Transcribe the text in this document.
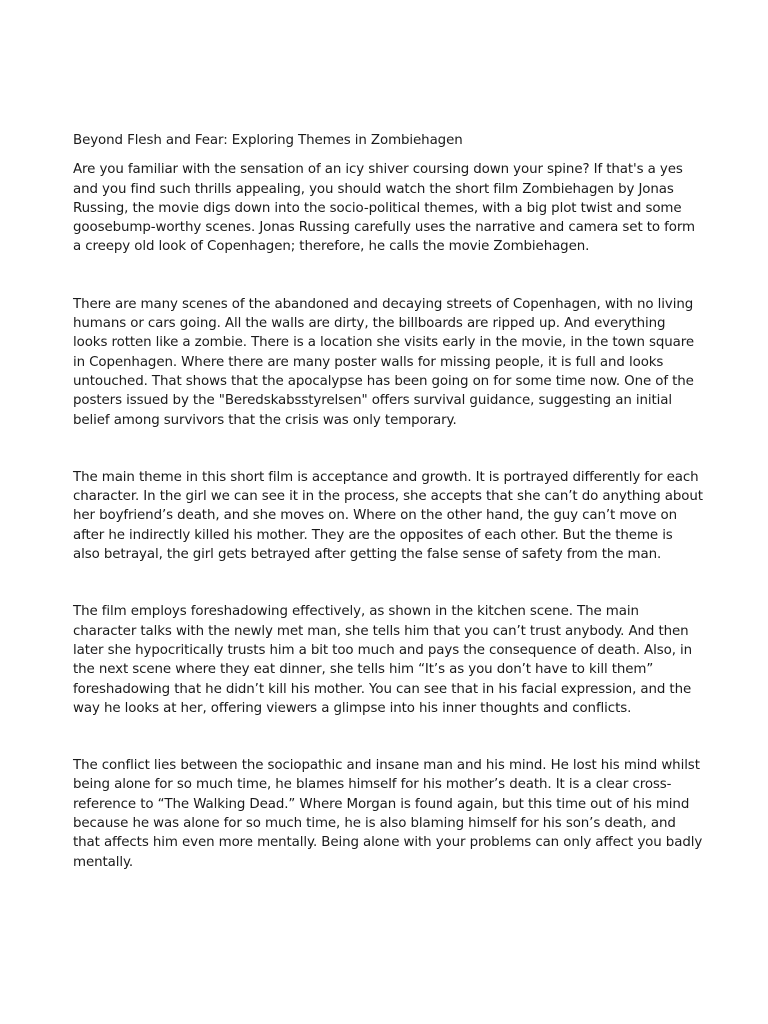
Beyond Flesh and Fear: Exploring Themes in Zombiehagen

Are you familiar with the sensation of an icy shiver coursing down your spine? If that's a yes and you find such thrills appealing, you should watch the short film Zombiehagen by Jonas Russing, the movie digs down into the socio-political themes, with a big plot twist and some goosebump-worthy scenes. Jonas Russing carefully uses the narrative and camera set to form a creepy old look of Copenhagen; therefore, he calls the movie Zombiehagen.

There are many scenes of the abandoned and decaying streets of Copenhagen, with no living humans or cars going. All the walls are dirty, the billboards are ripped up. And everything looks rotten like a zombie. There is a location she visits early in the movie, in the town square in Copenhagen. Where there are many poster walls for missing people, it is full and looks untouched. That shows that the apocalypse has been going on for some time now. One of the posters issued by the "Beredskabsstyrelsen" offers survival guidance, suggesting an initial belief among survivors that the crisis was only temporary.

The main theme in this short film is acceptance and growth. It is portrayed differently for each character. In the girl we can see it in the process, she accepts that she can’t do anything about her boyfriend’s death, and she moves on. Where on the other hand, the guy can’t move on after he indirectly killed his mother. They are the opposites of each other. But the theme is also betrayal, the girl gets betrayed after getting the false sense of safety from the man.

The film employs foreshadowing effectively, as shown in the kitchen scene. The main character talks with the newly met man, she tells him that you can’t trust anybody. And then later she hypocritically trusts him a bit too much and pays the consequence of death. Also, in the next scene where they eat dinner, she tells him “It’s as you don’t have to kill them” foreshadowing that he didn’t kill his mother. You can see that in his facial expression, and the way he looks at her, offering viewers a glimpse into his inner thoughts and conflicts.

The conflict lies between the sociopathic and insane man and his mind. He lost his mind whilst being alone for so much time, he blames himself for his mother’s death. It is a clear cross-reference to “The Walking Dead.” Where Morgan is found again, but this time out of his mind because he was alone for so much time, he is also blaming himself for his son’s death, and that affects him even more mentally. Being alone with your problems can only affect you badly mentally.
